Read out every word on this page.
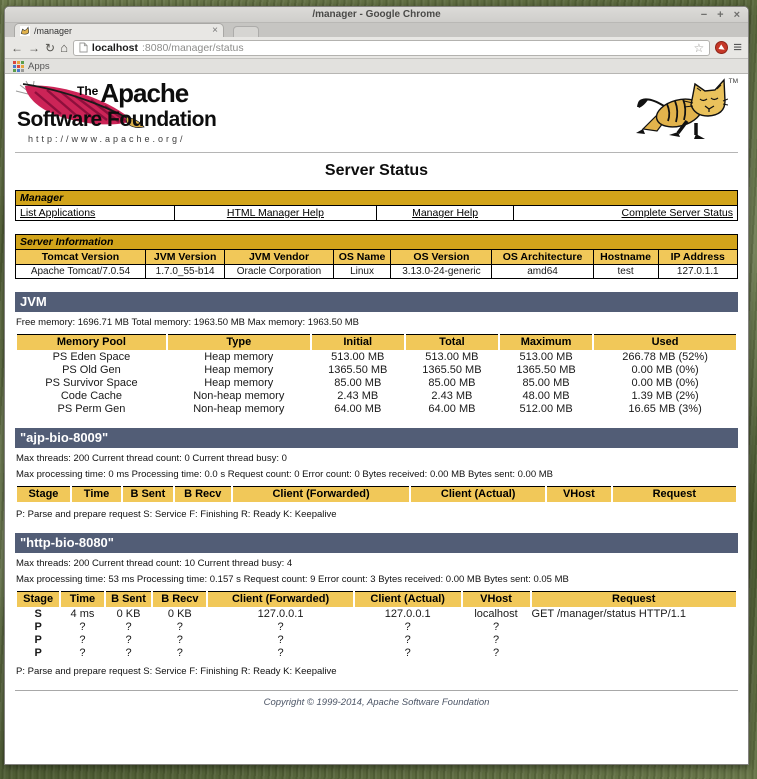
/manager - Google Chrome	− + ×
/manager	×
← → ↻ ⌂ localhost :8080/manager/status	☆ ≡
Apps
$^{The}$Apache
Software Foundation
http://www.apache.org/
TM
Server Status
Manager
List Applications	HTML Manager Help	Manager Help	Complete Server Status
Server Information							
Tomcat Version	JVM Version	JVM Vendor	OS Name	OS Version	OS Architecture	Hostname	IP Address
Apache Tomcat/7.0.54	1.7.0_55-b14	Oracle Corporation	Linux	3.13.0-24-generic	amd64	test	127.0.1.1
JVM
Free memory: 1696.71 MB Total memory: 1963.50 MB Max memory: 1963.50 MB
Memory Pool	Type	Initial	Total	Maximum	Used
PS Eden Space	Heap memory	513.00 MB	513.00 MB	513.00 MB	266.78 MB (52%)
PS Old Gen	Heap memory	1365.50 MB	1365.50 MB	1365.50 MB	0.00 MB (0%)
PS Survivor Space	Heap memory	85.00 MB	85.00 MB	85.00 MB	0.00 MB (0%)
Code Cache	Non-heap memory	2.43 MB	2.43 MB	48.00 MB	1.39 MB (2%)
PS Perm Gen	Non-heap memory	64.00 MB	64.00 MB	512.00 MB	16.65 MB (3%)
"ajp-bio-8009"
Max threads: 200 Current thread count: 0 Current thread busy: 0
Max processing time: 0 ms Processing time: 0.0 s Request count: 0 Error count: 0 Bytes received: 0.00 MB Bytes sent: 0.00 MB
Stage	Time	B Sent	B Recv	Client (Forwarded)	Client (Actual)	VHost	Request
P: Parse and prepare request S: Service F: Finishing R: Ready K: Keepalive
"http-bio-8080"
Max threads: 200 Current thread count: 10 Current thread busy: 4
Max processing time: 53 ms Processing time: 0.157 s Request count: 9 Error count: 3 Bytes received: 0.00 MB Bytes sent: 0.05 MB
Stage	Time	B Sent	B Recv	Client (Forwarded)	Client (Actual)	VHost	Request
S	4 ms	0 KB	0 KB	127.0.0.1	127.0.0.1	localhost	GET /manager/status HTTP/1.1
P	?	?	?	?	?	?	
P	?	?	?	?	?	?	
P	?	?	?	?	?	?	
P: Parse and prepare request S: Service F: Finishing R: Ready K: Keepalive
Copyright © 1999-2014, Apache Software Foundation
